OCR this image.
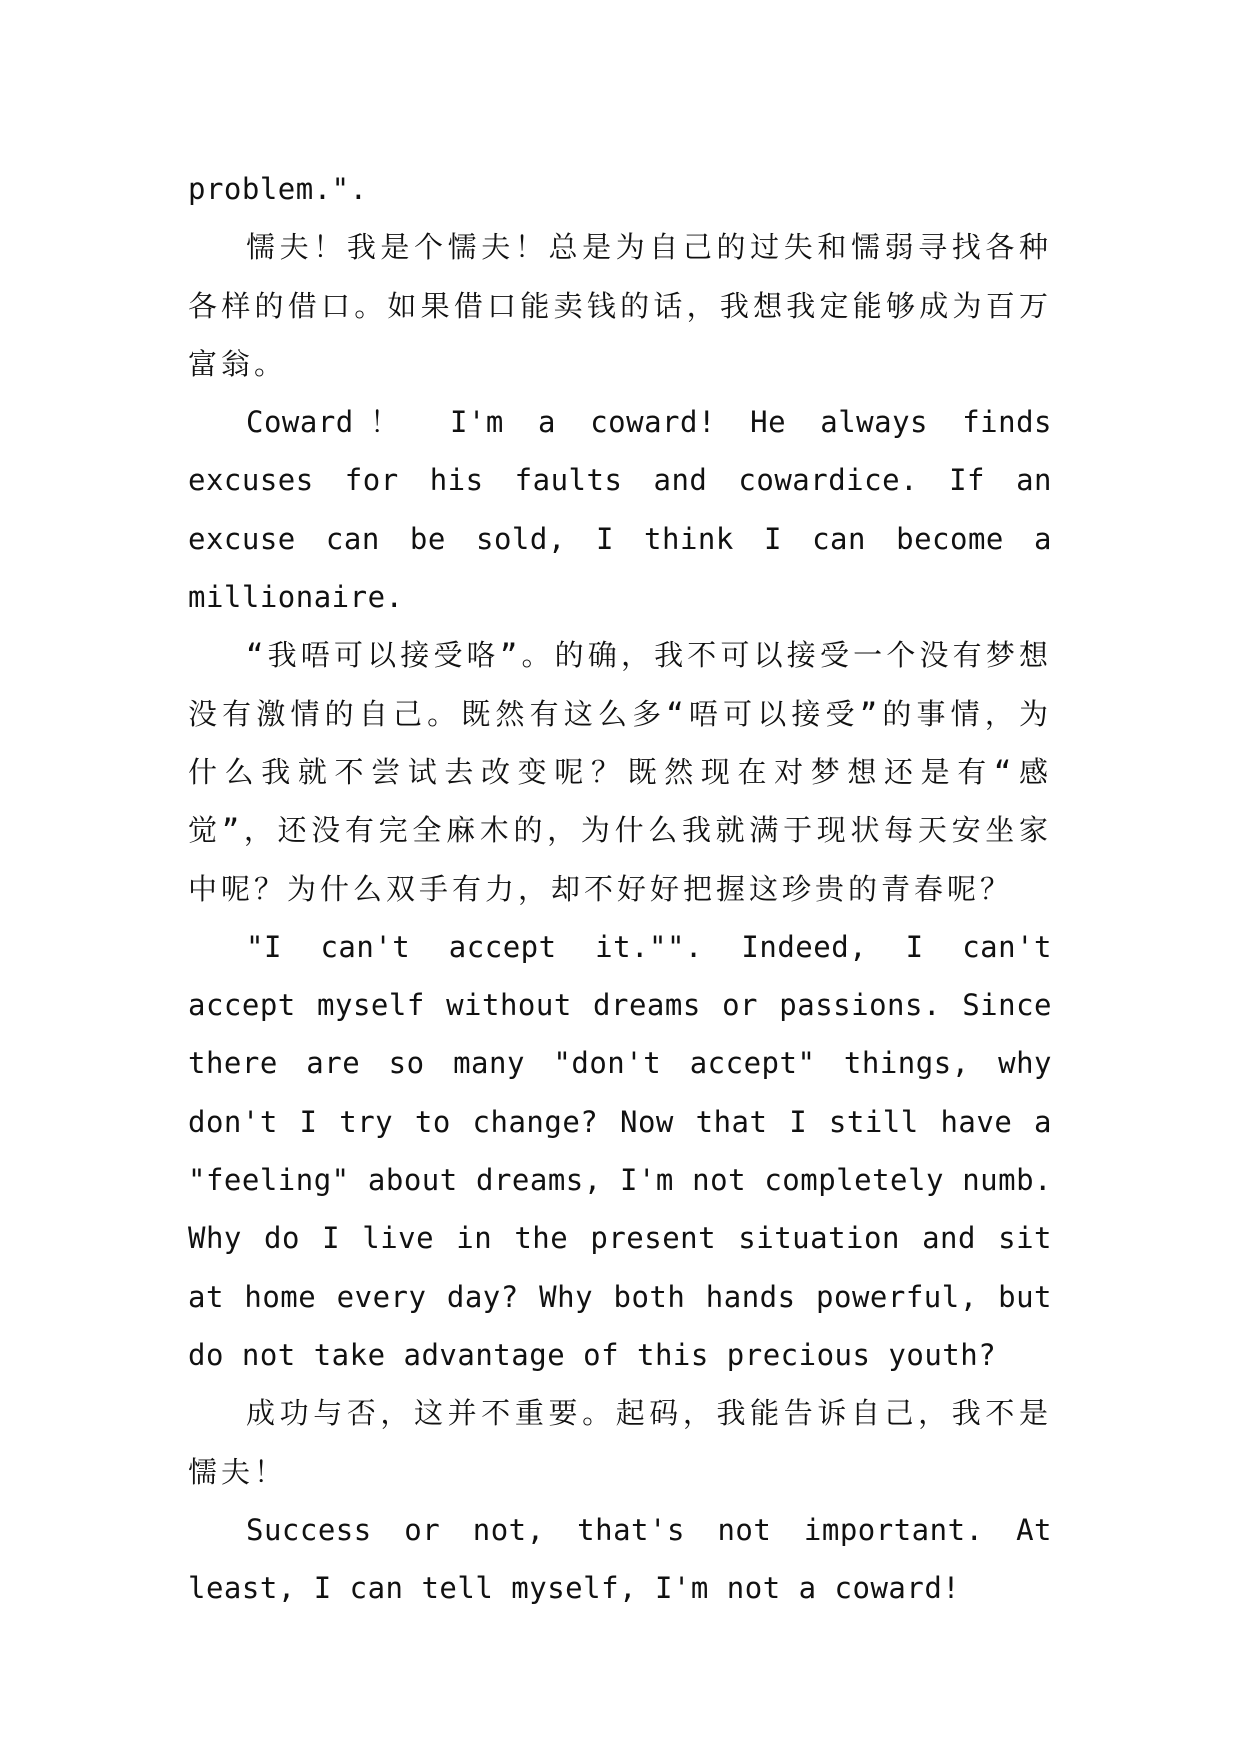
problem.".

懦夫！我是个懦夫！总是为自己的过失和懦弱寻找各种各样的借口。如果借口能卖钱的话，我想我定能够成为百万富翁。

Coward！ I'm a coward! He always finds excuses for his faults and cowardice. If an excuse can be sold, I think I can become a millionaire.

“我唔可以接受咯”。的确，我不可以接受一个没有梦想没有激情的自己。既然有这么多“唔可以接受”的事情，为什么我就不尝试去改变呢？既然现在对梦想还是有“感觉”，还没有完全麻木的，为什么我就满于现状每天安坐家中呢？为什么双手有力，却不好好把握这珍贵的青春呢？

"I can't accept it."". Indeed, I can't accept myself without dreams or passions. Since there are so many "don't accept" things, why don't I try to change? Now that I still have a "feeling" about dreams, I'm not completely numb. Why do I live in the present situation and sit at home every day? Why both hands powerful, but do not take advantage of this precious youth?

成功与否，这并不重要。起码，我能告诉自己，我不是懦夫！

Success or not, that's not important. At least, I can tell myself, I'm not a coward!
